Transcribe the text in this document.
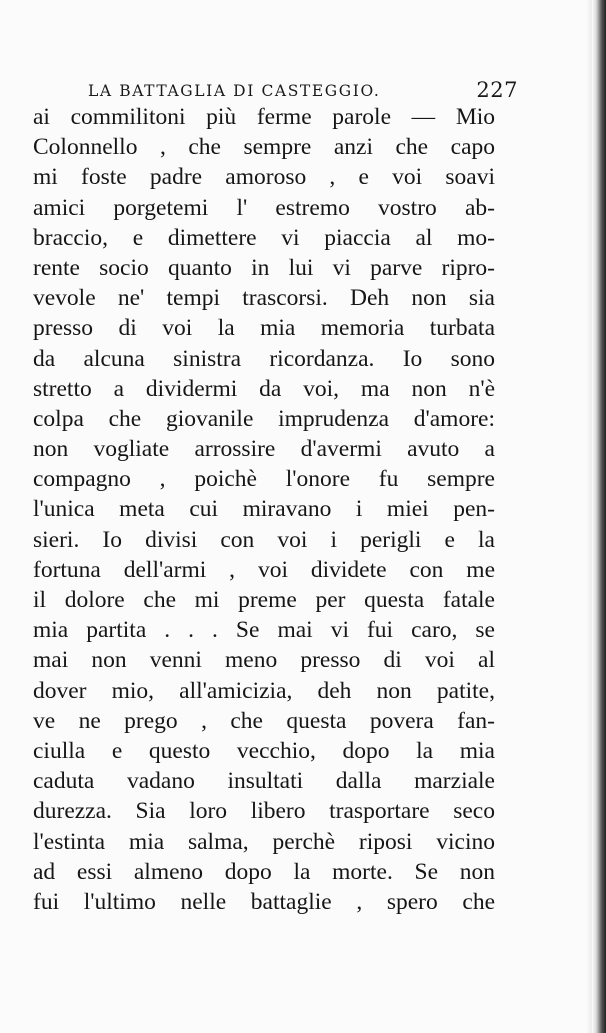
LA BATTAGLIA DI CASTEGGIO.	227
ai commilitoni più ferme parole — Mio
Colonnello , che sempre anzi che capo
mi foste padre amoroso , e voi soavi
amici porgetemi l' estremo vostro ab-
braccio, e dimettere vi piaccia al mo-
rente socio quanto in lui vi parve ripro-
vevole ne' tempi trascorsi. Deh non sia
presso di voi la mia memoria turbata
da alcuna sinistra ricordanza. Io sono
stretto a dividermi da voi, ma non n'è
colpa che giovanile imprudenza d'amore:
non vogliate arrossire d'avermi avuto a
compagno , poichè l'onore fu sempre
l'unica meta cui miravano i miei pen-
sieri. Io divisi con voi i perigli e la
fortuna dell'armi , voi dividete con me
il dolore che mi preme per questa fatale
mia partita . . . Se mai vi fui caro, se
mai non venni meno presso di voi al
dover mio, all'amicizia, deh non patite,
ve ne prego , che questa povera fan-
ciulla e questo vecchio, dopo la mia
caduta vadano insultati dalla marziale
durezza. Sia loro libero trasportare seco
l'estinta mia salma, perchè riposi vicino
ad essi almeno dopo la morte. Se non
fui l'ultimo nelle battaglie , spero che
